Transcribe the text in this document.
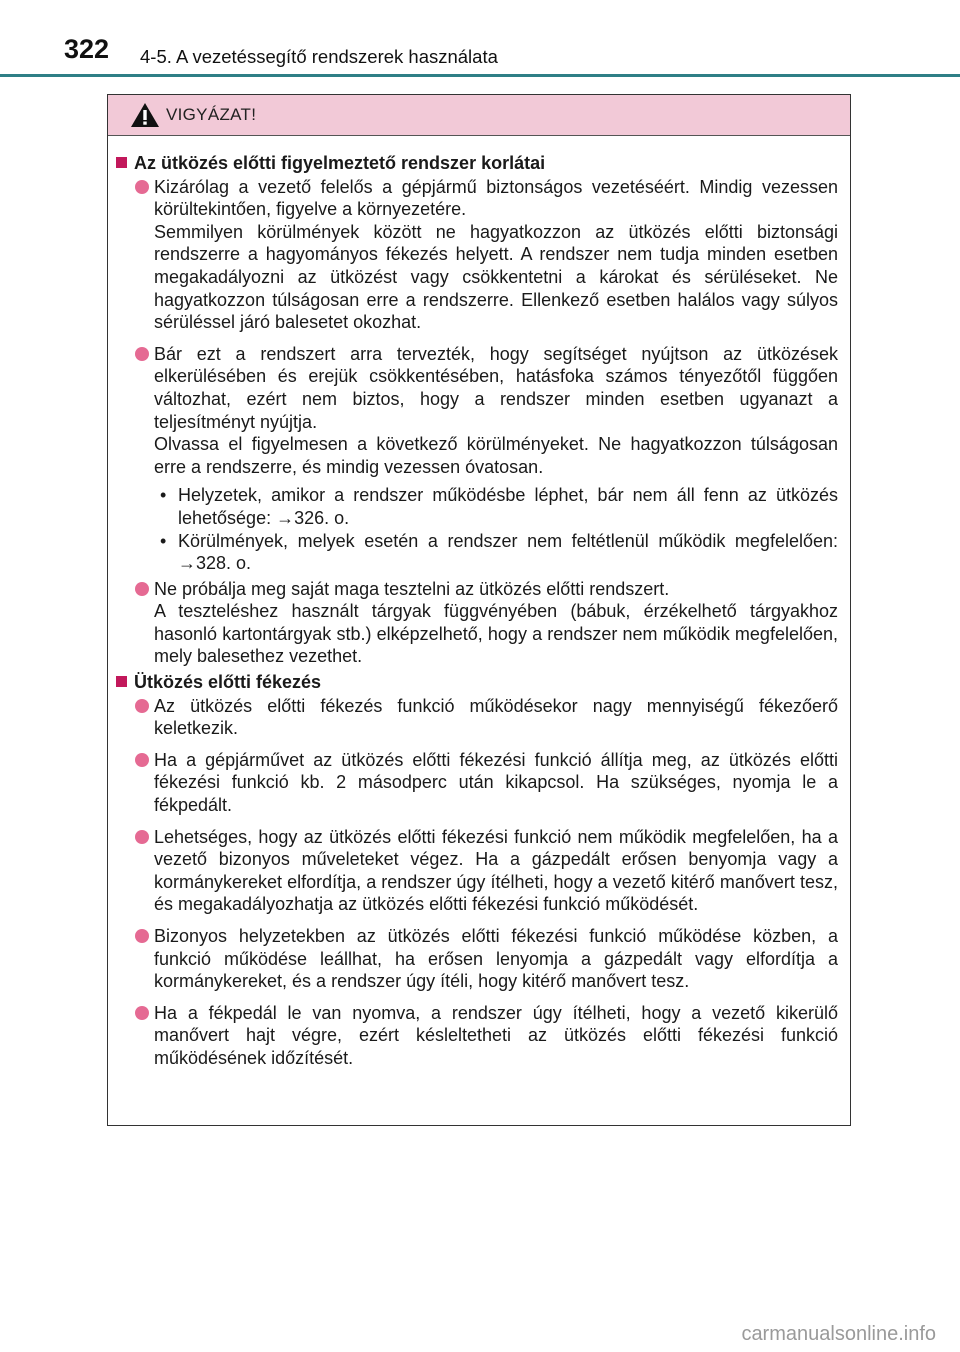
322 4-5. A vezetéssegítő rendszerek használata
VIGYÁZAT!
Az ütközés előtti figyelmeztető rendszer korlátai

Kizárólag a vezető felelős a gépjármű biztonságos vezetéséért. Mindig vezessen körültekintően, figyelve a környezetére.

Semmilyen körülmények között ne hagyatkozzon az ütközés előtti biztonsági rendszerre a hagyományos fékezés helyett. A rendszer nem tudja minden esetben megakadályozni az ütközést vagy csökkentetni a károkat és sérüléseket. Ne hagyatkozzon túlságosan erre a rendszerre. Ellenkező esetben halálos vagy súlyos sérüléssel járó balesetet okozhat.

Bár ezt a rendszert arra tervezték, hogy segítséget nyújtson az ütközések elkerülésében és erejük csökkentésében, hatásfoka számos tényezőtől függően változhat, ezért nem biztos, hogy a rendszer minden esetben ugyanazt a teljesítményt nyújtja.

Olvassa el figyelmesen a következő körülményeket. Ne hagyatkozzon túlságosan erre a rendszerre, és mindig vezessen óvatosan.

• Helyzetek, amikor a rendszer működésbe léphet, bár nem áll fenn az ütközés lehetősége: →326. o.
• Körülmények, melyek esetén a rendszer nem feltétlenül működik megfelelően: →328. o.

Ne próbálja meg saját maga tesztelni az ütközés előtti rendszert.

A teszteléshez használt tárgyak függvényében (bábuk, érzékelhető tárgyakhoz hasonló kartontárgyak stb.) elképzelhető, hogy a rendszer nem működik megfelelően, mely balesethez vezethet.

Ütközés előtti fékezés

Az ütközés előtti fékezés funkció működésekor nagy mennyiségű fékezőerő keletkezik.

Ha a gépjárművet az ütközés előtti fékezési funkció állítja meg, az ütközés előtti fékezési funkció kb. 2 másodperc után kikapcsol. Ha szükséges, nyomja le a fékpedált.

Lehetséges, hogy az ütközés előtti fékezési funkció nem működik megfelelően, ha a vezető bizonyos műveleteket végez. Ha a gázpedált erősen benyomja vagy a kormánykereket elfordítja, a rendszer úgy ítélheti, hogy a vezető kitérő manővert tesz, és megakadályozhatja az ütközés előtti fékezési funkció működését.

Bizonyos helyzetekben az ütközés előtti fékezési funkció működése közben, a funkció működése leállhat, ha erősen lenyomja a gázpedált vagy elfordítja a kormánykereket, és a rendszer úgy ítéli, hogy kitérő manővert tesz.

Ha a fékpedál le van nyomva, a rendszer úgy ítélheti, hogy a vezető kikerülő manővert hajt végre, ezért késleltetheti az ütközés előtti fékezési funkció működésének időzítését.

carmanualsonline.info
